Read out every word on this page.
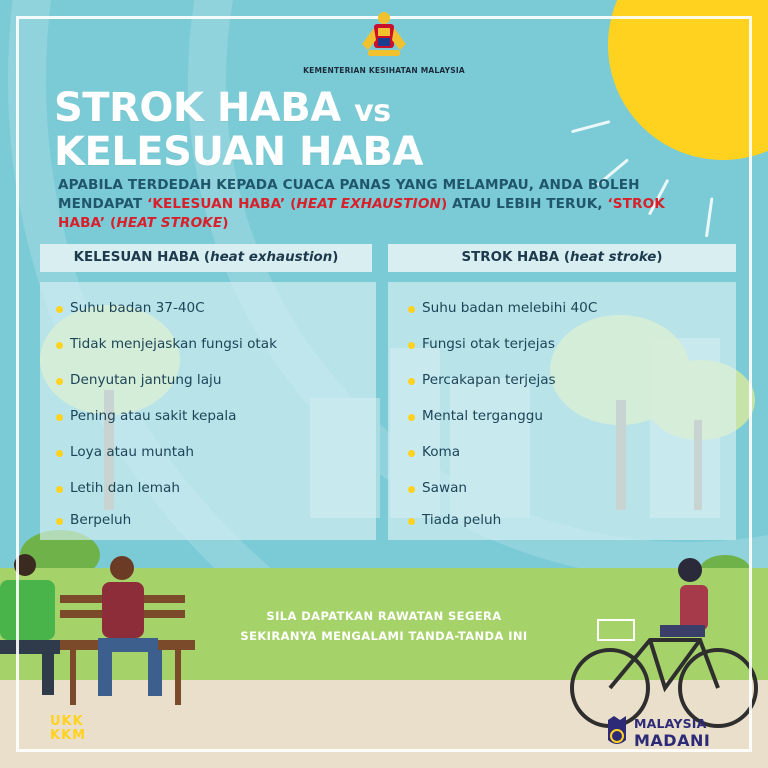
KEMENTERIAN KESIHATAN MALAYSIA
STROK HABA vs
KELESUAN HABA
APABILA TERDEDAH KEPADA CUACA PANAS YANG MELAMPAU, ANDA BOLEH MENDAPAT ‘KELESUAN HABA’ (HEAT EXHAUSTION) ATAU LEBIH TERUK, ‘STROK HABA’ (HEAT STROKE)
KELESUAN HABA (heat exhaustion)	STROK HABA (heat stroke)
Suhu badan 37-40C
Tidak menjejaskan fungsi otak
Denyutan jantung laju
Pening atau sakit kepala
Loya atau muntah
Letih dan lemah
Berpeluh
Suhu badan melebihi 40C
Fungsi otak terjejas
Percakapan terjejas
Mental terganggu
Koma
Sawan
Tiada peluh
SILA DAPATKAN RAWATAN SEGERA
SEKIRANYA MENGALAMI TANDA-TANDA INI
UKK
KKM
MALAYSIA
MADANI
